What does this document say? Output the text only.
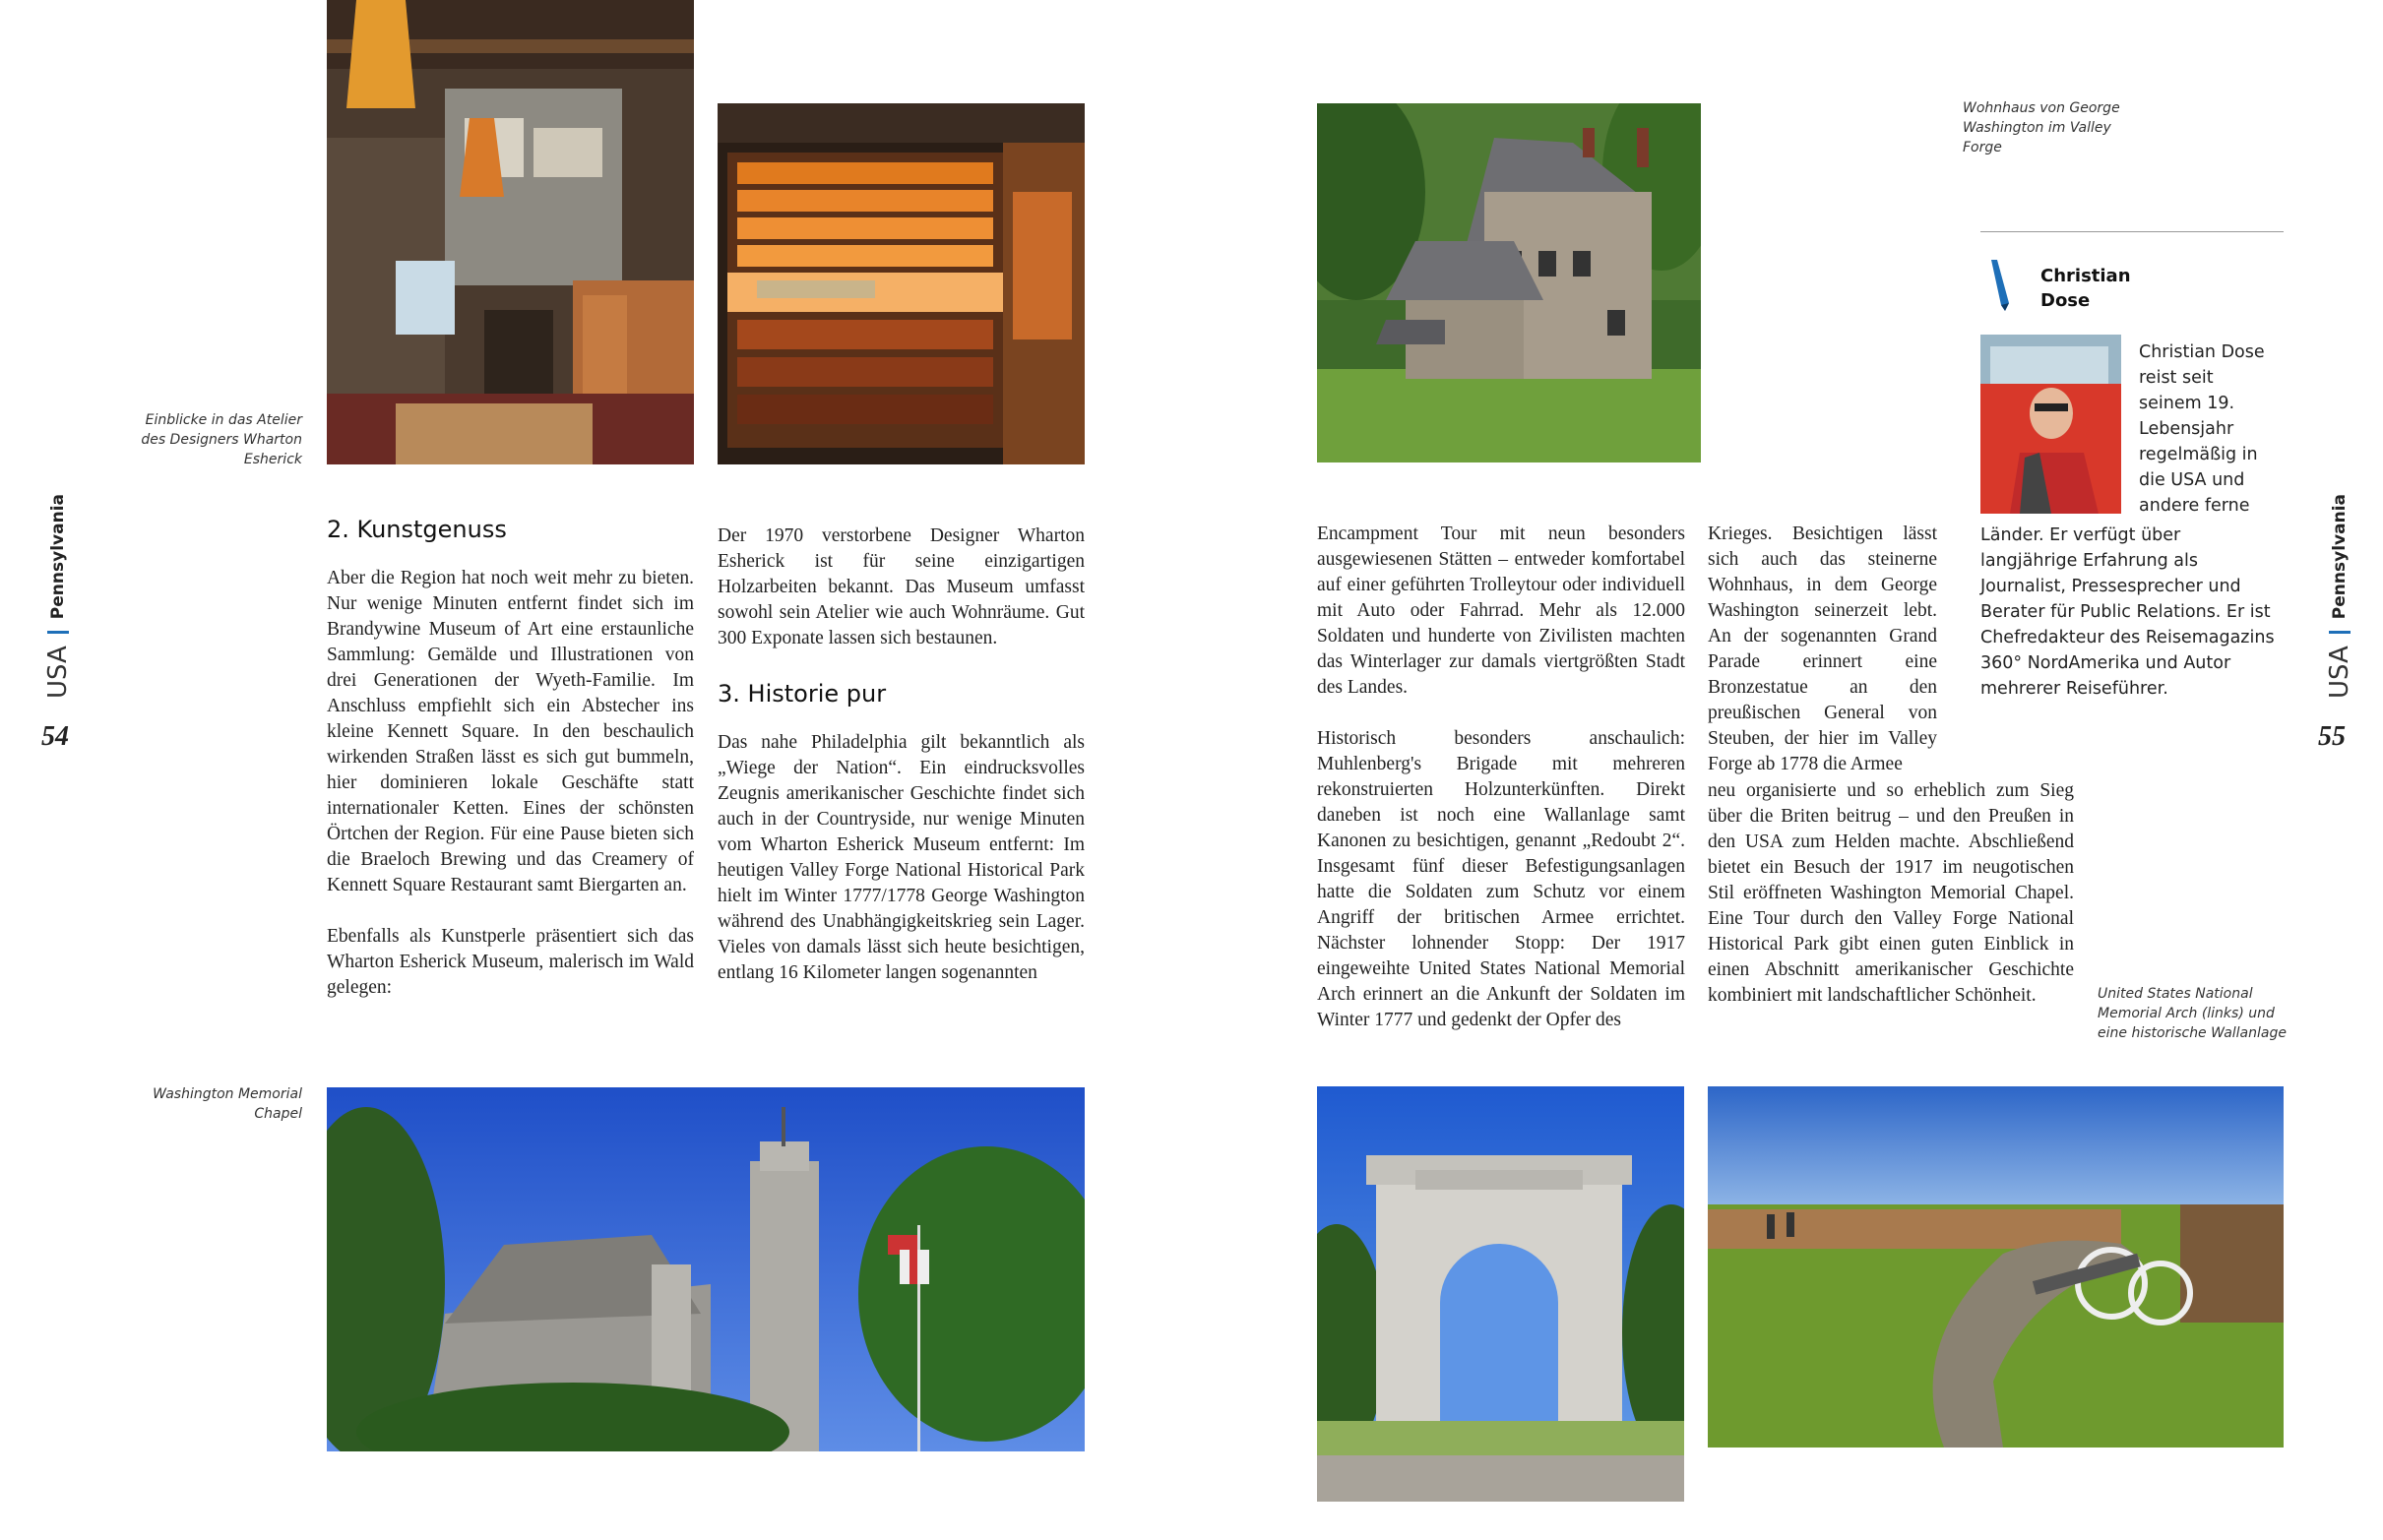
USA
Pennsylvania
54
Einblicke in das Atelier des Designers Wharton Esherick
2. Kunstgenuss

Aber die Region hat noch weit mehr zu bieten. Nur wenige Minuten entfernt findet sich im Brandywine Museum of Art eine erstaunliche Sammlung: Gemälde und Illustrationen von drei Generationen der Wyeth-Familie. Im Anschluss empfiehlt sich ein Abstecher ins kleine Kennett Square. In den beschaulich wirkenden Straßen lässt es sich gut bummeln, hier dominieren lokale Geschäfte statt internationaler Ketten. Eines der schönsten Örtchen der Region. Für eine Pause bieten sich die Braeloch Brewing und das Creamery of Kennett Square Restaurant samt Biergarten an.

Ebenfalls als Kunstperle präsentiert sich das Wharton Esherick Museum, malerisch im Wald gelegen:

Der 1970 verstorbene Designer Wharton Esherick ist für seine einzigartigen Holzarbeiten bekannt. Das Museum umfasst sowohl sein Atelier wie auch Wohnräume. Gut 300 Exponate lassen sich bestaunen.

3. Historie pur

Das nahe Philadelphia gilt bekanntlich als „Wiege der Nation“. Ein eindrucksvolles Zeugnis amerikanischer Geschichte findet sich auch in der Countryside, nur wenige Minuten vom Wharton Esherick Museum entfernt: Im heutigen Valley Forge National Historical Park hielt im Winter 1777/1778 George Washington während des Unabhängigkeitskrieg sein Lager. Vieles von damals lässt sich heute besichtigen, entlang 16 Kilometer langen sogenannten

Washington Memorial Chapel
Wohnhaus von George Washington im Valley Forge
Christian
Dose
Christian Dose reist seit seinem 19. Lebensjahr regelmäßig in die USA und andere ferne
Länder. Er verfügt über langjährige Erfahrung als Journalist, Pressesprecher und Berater für Public Relations. Er ist Chefredakteur des Reisemagazins 360° NordAmerika und Autor mehrerer Reiseführer.

Encampment Tour mit neun besonders ausgewiesenen Stätten – entweder komfortabel auf einer geführten Trolleytour oder individuell mit Auto oder Fahrrad. Mehr als 12.000 Soldaten und hunderte von Zivilisten machten das Winterlager zur damals viertgrößten Stadt des Landes.

Historisch besonders anschaulich: Muhlenberg's Brigade mit mehreren rekonstruierten Holzunterkünften. Direkt daneben ist noch eine Wallanlage samt Kanonen zu besichtigen, genannt „Redoubt 2“. Insgesamt fünf dieser Befestigungsanlagen hatte die Soldaten zum Schutz vor einem Angriff der britischen Armee errichtet. Nächster lohnender Stopp: Der 1917 eingeweihte United States National Memorial Arch erinnert an die Ankunft der Soldaten im Winter 1777 und gedenkt der Opfer des

Krieges. Besichtigen lässt sich auch das steinerne Wohnhaus, in dem George Washington seinerzeit lebt. An der sogenannten Grand Parade erinnert eine Bronzestatue an den preußischen General von Steuben, der hier im Valley Forge ab 1778 die Armee

neu organisierte und so erheblich zum Sieg über die Briten beitrug – und den Preußen in den USA zum Helden machte. Abschließend bietet ein Besuch der 1917 im neugotischen Stil eröffneten Washington Memorial Chapel. Eine Tour durch den Valley Forge National Historical Park gibt einen guten Einblick in einen Abschnitt amerikanischer Geschichte kombiniert mit landschaftlicher Schönheit.	United States National Memorial Arch (links) und eine historische Wallanlage
USA
Pennsylvania
55
